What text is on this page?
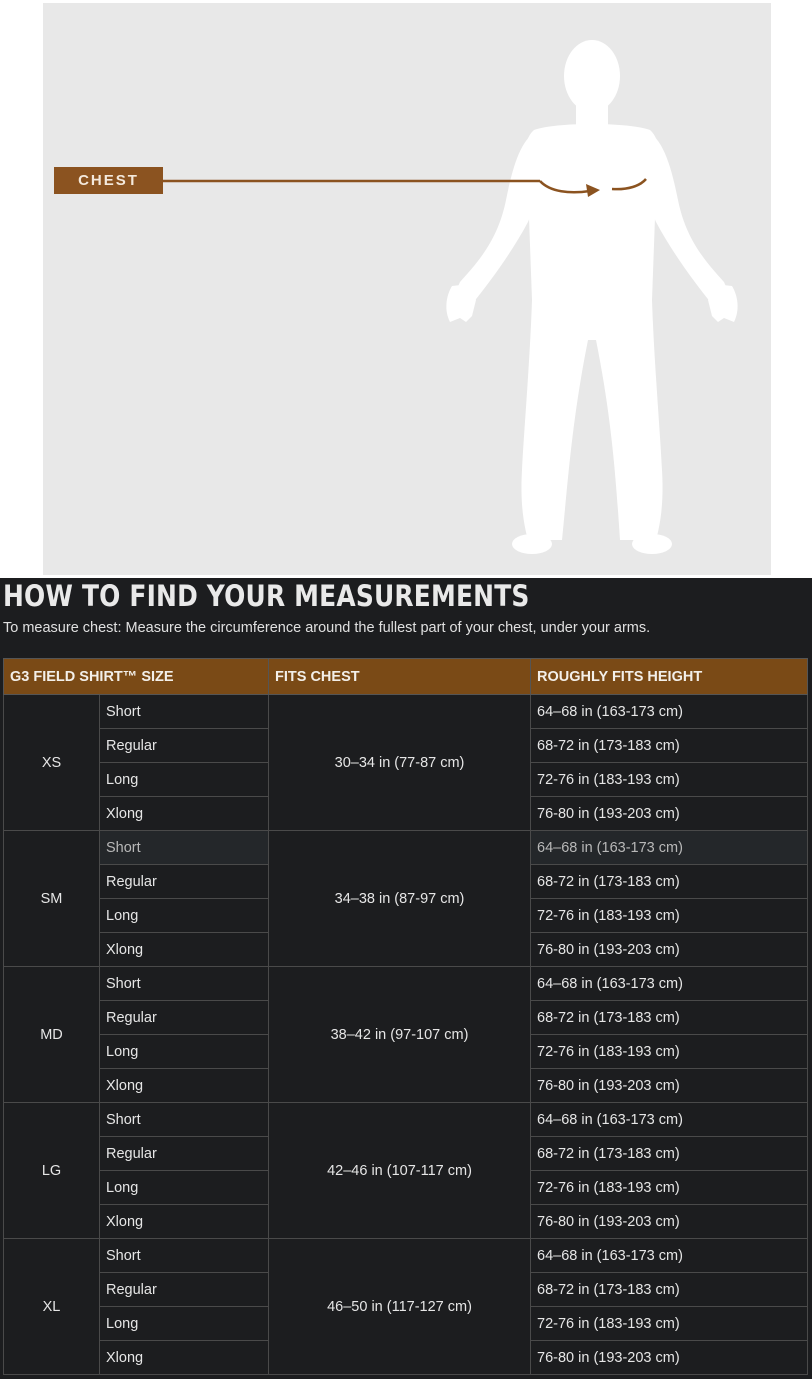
CHEST
HOW TO FIND YOUR MEASUREMENTS

To measure chest: Measure the circumference around the fullest part of your chest, under your arms.

G3 FIELD SHIRT™ SIZE		FITS CHEST	ROUGHLY FITS HEIGHT
XS	Short	30–34 in (77-87 cm)	64–68 in (163-173 cm)
	Regular		68-72 in (173-183 cm)
	Long		72-76 in (183-193 cm)
	Xlong		76-80 in (193-203 cm)
SM	Short	34–38 in (87-97 cm)	64–68 in (163-173 cm)
	Regular		68-72 in (173-183 cm)
	Long		72-76 in (183-193 cm)
	Xlong		76-80 in (193-203 cm)
MD	Short	38–42 in (97-107 cm)	64–68 in (163-173 cm)
	Regular		68-72 in (173-183 cm)
	Long		72-76 in (183-193 cm)
	Xlong		76-80 in (193-203 cm)
LG	Short	42–46 in (107-117 cm)	64–68 in (163-173 cm)
	Regular		68-72 in (173-183 cm)
	Long		72-76 in (183-193 cm)
	Xlong		76-80 in (193-203 cm)
XL	Short	46–50 in (117-127 cm)	64–68 in (163-173 cm)
	Regular		68-72 in (173-183 cm)
	Long		72-76 in (183-193 cm)
	Xlong		76-80 in (193-203 cm)
